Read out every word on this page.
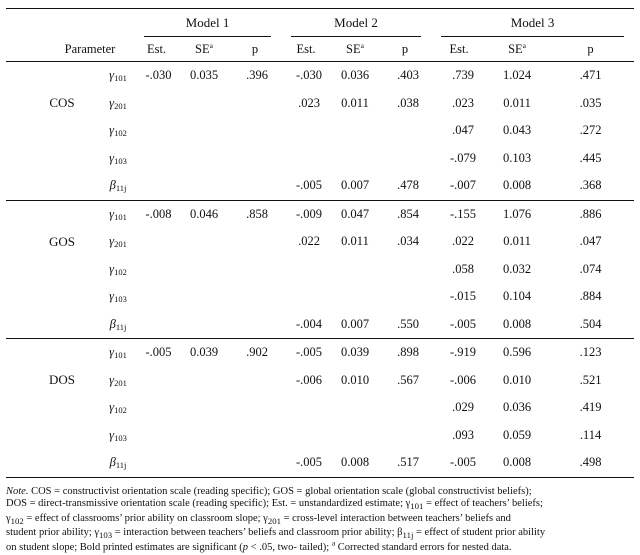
		Model 1			Model 2			Model 3		

Parameter		Est.	$SE^a$	p	Est.	$SE^a$	p	Est.	$SE^a$	p
	$\gamma_{101}$	-.030	0.035	.396	-.030	0.036	.403	.739	1.024	.471
COS	$\gamma_{201}$				.023	0.011	.038	.023	0.011	.035
	$\gamma_{102}$							.047	0.043	.272
	$\gamma_{103}$							-.079	0.103	.445
	$\beta_{11j}$				-.005	0.007	.478	-.007	0.008	.368
	$\gamma_{101}$	-.008	0.046	.858	-.009	0.047	.854	-.155	1.076	.886
GOS	$\gamma_{201}$				.022	0.011	.034	.022	0.011	.047
	$\gamma_{102}$							.058	0.032	.074
	$\gamma_{103}$							-.015	0.104	.884
	$\beta_{11j}$				-.004	0.007	.550	-.005	0.008	.504
	$\gamma_{101}$	-.005	0.039	.902	-.005	0.039	.898	-.919	0.596	.123
DOS	$\gamma_{201}$				-.006	0.010	.567	-.006	0.010	.521
	$\gamma_{102}$							.029	0.036	.419
	$\gamma_{103}$							.093	0.059	.114
	$\beta_{11j}$				-.005	0.008	.517	-.005	0.008	.498
Note. COS = constructivist orientation scale (reading specific); GOS = global orientation scale (global constructivist beliefs);
DOS = direct-transmissive orientation scale (reading specific); Est. = unstandardized estimate; $\gamma_{101}$ = effect of teachers’ beliefs;
$\gamma_{102}$ = effect of classrooms’ prior ability on classroom slope; $\gamma_{201}$ = cross-level interaction between teachers’ beliefs and
student prior ability; $\gamma_{103}$ = interaction between teachers’ beliefs and classroom prior ability; $\beta_{11j}$ = effect of student prior ability
on student slope; Bold printed estimates are significant (p < .05, two- tailed); $^a$ Corrected standard errors for nested data.
